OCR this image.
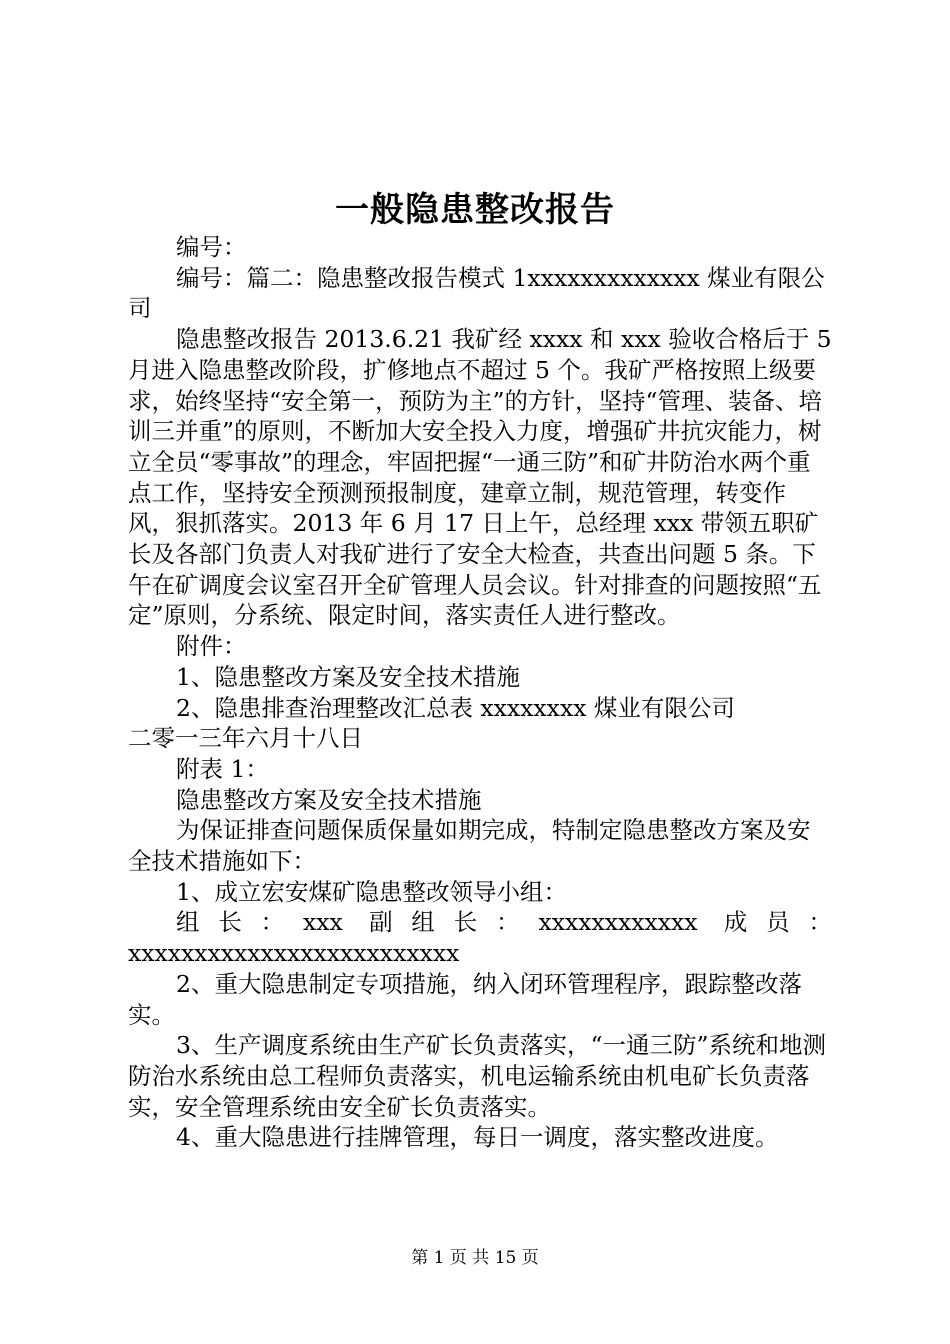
一般隐患整改报告

编号：

编号：篇二：隐患整改报告模式 1xxxxxxxxxxxxx 煤业有限公司

隐患整改报告 2013.6.21 我矿经 xxxx 和 xxx 验收合格后于 5 月进入隐患整改阶段，扩修地点不超过 5 个。我矿严格按照上级要求，始终坚持“安全第一，预防为主”的方针，坚持“管理、装备、培训三并重”的原则，不断加大安全投入力度，增强矿井抗灾能力，树立全员“零事故”的理念，牢固把握“一通三防”和矿井防治水两个重点工作，坚持安全预测预报制度，建章立制，规范管理，转变作风，狠抓落实。2013 年 6 月 17 日上午，总经理 xxx 带领五职矿长及各部门负责人对我矿进行了安全大检查，共查出问题 5 条。下午在矿调度会议室召开全矿管理人员会议。针对排查的问题按照“五定”原则，分系统、限定时间，落实责任人进行整改。

附件：

1、隐患整改方案及安全技术措施

2、隐患排查治理整改汇总表 xxxxxxxx 煤业有限公司

二零一三年六月十八日

附表 1：

隐患整改方案及安全技术措施

为保证排查问题保质保量如期完成，特制定隐患整改方案及安全技术措施如下：

1、成立宏安煤矿隐患整改领导小组：

组长：xxx 副组长：xxxxxxxxxxxx 成员：

xxxxxxxxxxxxxxxxxxxxxxxxx

2、重大隐患制定专项措施，纳入闭环管理程序，跟踪整改落实。

3、生产调度系统由生产矿长负责落实，“一通三防”系统和地测防治水系统由总工程师负责落实，机电运输系统由机电矿长负责落实，安全管理系统由安全矿长负责落实。

4、重大隐患进行挂牌管理，每日一调度，落实整改进度。

第 1 页 共 15 页
